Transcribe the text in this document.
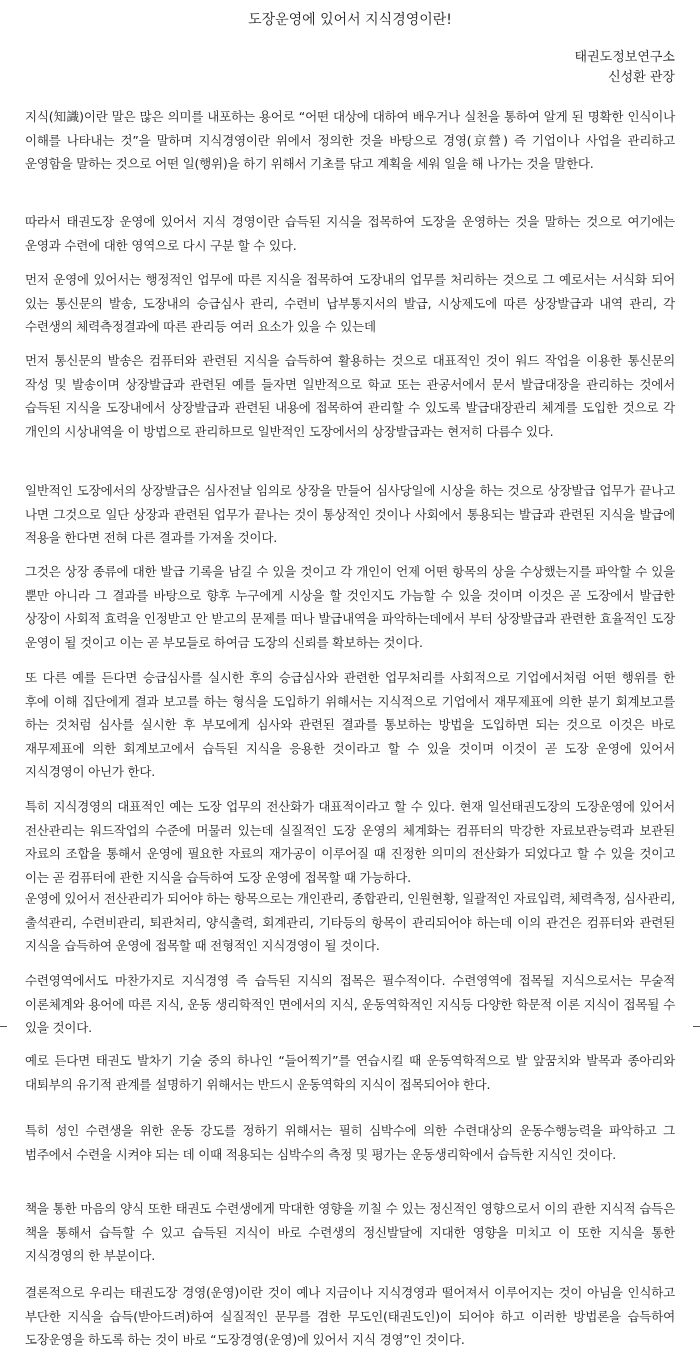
도장운영에 있어서 지식경영이란!
태권도정보연구소
신성환 관장

지식(知識)이란 말은 많은 의미를 내포하는 용어로 “어떤 대상에 대하여 배우거나 실천을 통하여 알게 된 명확한 인식이나 이해를 나타내는 것”을 말하며 지식경영이란 위에서 정의한 것을 바탕으로 경영(京營) 즉 기업이나 사업을 관리하고 운영함을 말하는 것으로 어떤 일(행위)을 하기 위해서 기초를 닦고 계획을 세워 일을 해 나가는 것을 말한다.

따라서 태권도장 운영에 있어서 지식 경영이란 습득된 지식을 접목하여 도장을 운영하는 것을 말하는 것으로 여기에는 운영과 수련에 대한 영역으로 다시 구분 할 수 있다.

먼저 운영에 있어서는 행정적인 업무에 따른 지식을 접목하여 도장내의 업무를 처리하는 것으로 그 예로서는 서식화 되어 있는 통신문의 발송, 도장내의 승급심사 관리, 수련비 납부통지서의 발급, 시상제도에 따른 상장발급과 내역 관리, 각 수련생의 체력측정결과에 따른 관리등 여러 요소가 있을 수 있는데

먼저 통신문의 발송은 컴퓨터와 관련된 지식을 습득하여 활용하는 것으로 대표적인 것이 워드 작업을 이용한 통신문의 작성 및 발송이며 상장발급과 관련된 예를 들자면 일반적으로 학교 또는 관공서에서 문서 발급대장을 관리하는 것에서 습득된 지식을 도장내에서 상장발급과 관련된 내용에 접목하여 관리할 수 있도록 발급대장관리 체계를 도입한 것으로 각 개인의 시상내역을 이 방법으로 관리하므로 일반적인 도장에서의 상장발급과는 현저히 다름수 있다.

일반적인 도장에서의 상장발급은 심사전날 임의로 상장을 만들어 심사당일에 시상을 하는 것으로 상장발급 업무가 끝나고 나면 그것으로 일단 상장과 관련된 업무가 끝나는 것이 통상적인 것이나 사회에서 통용되는 발급과 관련된 지식을 발급에 적용을 한다면 전혀 다른 결과를 가져올 것이다.

그것은 상장 종류에 대한 발급 기록을 남길 수 있을 것이고 각 개인이 언제 어떤 항목의 상을 수상했는지를 파악할 수 있을 뿐만 아니라 그 결과를 바탕으로 향후 누구에게 시상을 할 것인지도 가늠할 수 있을 것이며 이것은 곧 도장에서 발급한 상장이 사회적 효력을 인정받고 안 받고의 문제를 떠나 발급내역을 파악하는데에서 부터 상장발급과 관련한 효율적인 도장 운영이 될 것이고 이는 곧 부모들로 하여금 도장의 신뢰를 확보하는 것이다.

또 다른 예를 든다면 승급심사를 실시한 후의 승급심사와 관련한 업무처리를 사회적으로 기업에서처럼 어떤 행위를 한 후에 이해 집단에게 결과 보고를 하는 형식을 도입하기 위해서는 지식적으로 기업에서 재무제표에 의한 분기 회계보고를 하는 것처럼 심사를 실시한 후 부모에게 심사와 관련된 결과를 통보하는 방법을 도입하면 되는 것으로 이것은 바로 재무제표에 의한 회계보고에서 습득된 지식을 응용한 것이라고 할 수 있을 것이며 이것이 곧 도장 운영에 있어서 지식경영이 아닌가 한다.

특히 지식경영의 대표적인 예는 도장 업무의 전산화가 대표적이라고 할 수 있다. 현재 일선태권도장의 도장운영에 있어서 전산관리는 워드작업의 수준에 머물러 있는데 실질적인 도장 운영의 체계화는 컴퓨터의 막강한 자료보관능력과 보관된 자료의 조합을 통해서 운영에 필요한 자료의 재가공이 이루어질 때 진정한 의미의 전산화가 되었다고 할 수 있을 것이고 이는 곧 컴퓨터에 관한 지식을 습득하여 도장 운영에 접목할 때 가능하다.

운영에 있어서 전산관리가 되어야 하는 항목으로는 개인관리, 종합관리, 인원현황, 일괄적인 자료입력, 체력측정, 심사관리, 출석관리, 수련비관리, 퇴관처리, 양식출력, 회계관리, 기타등의 항목이 관리되어야 하는데 이의 관건은 컴퓨터와 관련된 지식을 습득하여 운영에 접목할 때 전형적인 지식경영이 될 것이다.

수련영역에서도 마찬가지로 지식경영 즉 습득된 지식의 접목은 필수적이다. 수련영역에 접목될 지식으로서는 무술적 이론체계와 용어에 따른 지식, 운동 생리학적인 면에서의 지식, 운동역학적인 지식등 다양한 학문적 이론 지식이 접목될 수 있을 것이다.

예로 든다면 태권도 발차기 기술 중의 하나인 “들어찍기”를 연습시킬 때 운동역학적으로 발 앞꿈치와 발목과 종아리와 대퇴부의 유기적 관계를 설명하기 위해서는 반드시 운동역학의 지식이 접목되어야 한다.

특히 성인 수련생을 위한 운동 강도를 정하기 위해서는 필히 심박수에 의한 수련대상의 운동수행능력을 파악하고 그 범주에서 수련을 시켜야 되는 데 이때 적용되는 심박수의 측정 및 평가는 운동생리학에서 습득한 지식인 것이다.

책을 통한 마음의 양식 또한 태권도 수련생에게 막대한 영향을 끼칠 수 있는 정신적인 영향으로서 이의 관한 지식적 습득은 책을 통해서 습득할 수 있고 습득된 지식이 바로 수련생의 정신발달에 지대한 영향을 미치고 이 또한 지식을 통한 지식경영의 한 부분이다.

결론적으로 우리는 태권도장 경영(운영)이란 것이 예나 지금이나 지식경영과 떨어져서 이루어지는 것이 아님을 인식하고 부단한 지식을 습득(받아드려)하여 실질적인 문무를 겸한 무도인(태권도인)이 되어야 하고 이러한 방법론을 습득하여 도장운영을 하도록 하는 것이 바로 “도장경영(운영)에 있어서 지식 경영”인 것이다.
